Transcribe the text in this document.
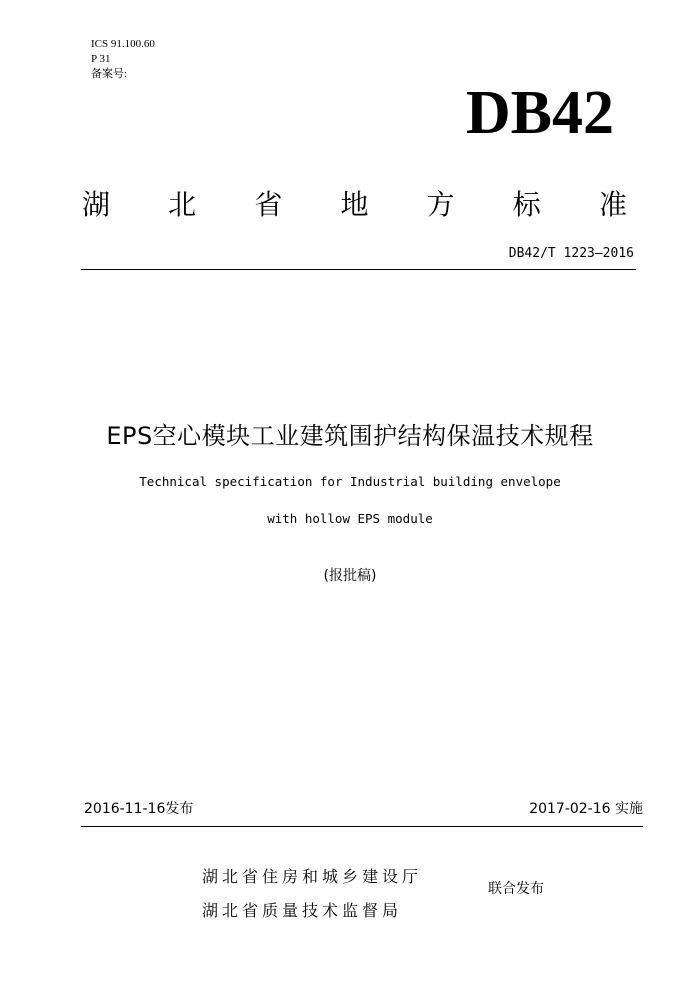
ICS 91.100.60
P 31
备案号:
DB42
湖 北 省 地 方 标 准
DB42/T 1223—2016
EPS空心模块工业建筑围护结构保温技术规程
Technical specification for Industrial building envelope
with hollow EPS module
(报批稿)
2016-11-16发布	2017-02-16 实施
湖北省住房和城乡建设厅
湖北省质量技术监督局
联合发布
